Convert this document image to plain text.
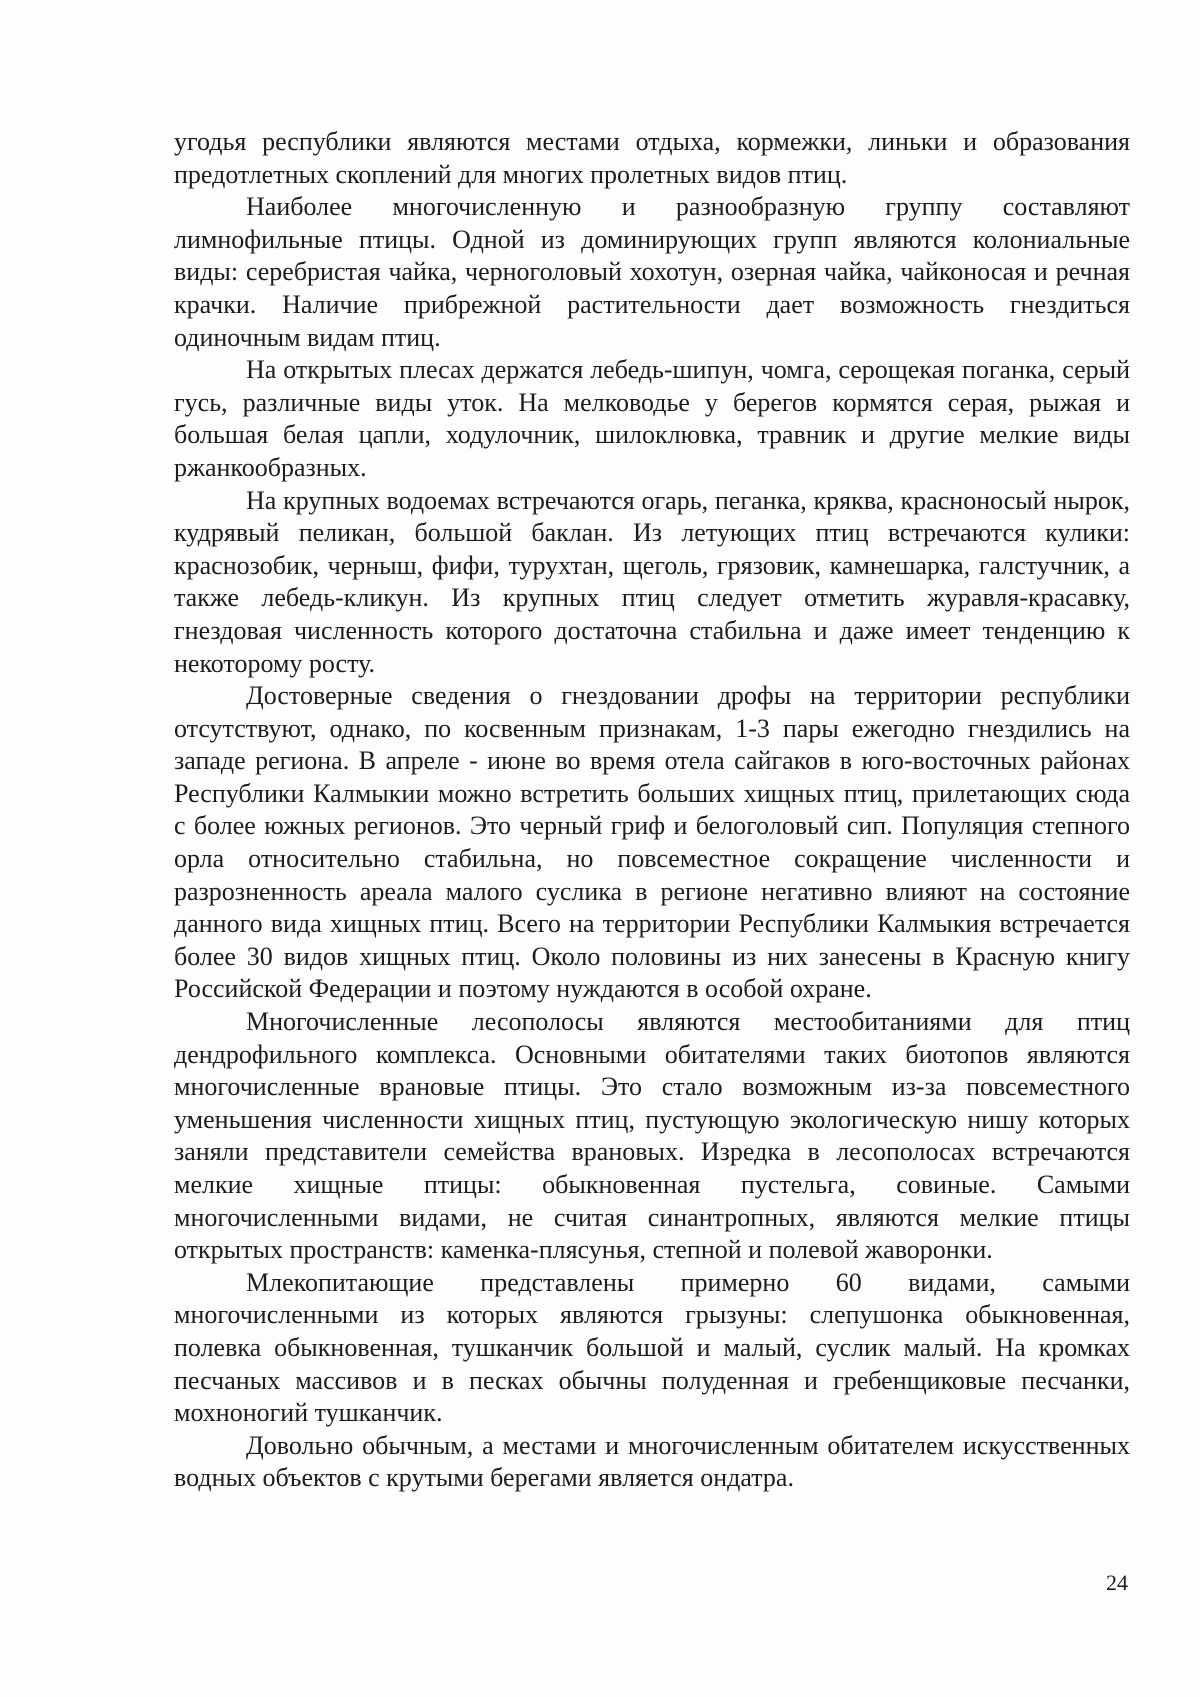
угодья республики являются местами отдыха, кормежки, линьки и образования предотлетных скоплений для многих пролетных видов птиц.

Наиболее многочисленную и разнообразную группу составляют лимнофильные птицы. Одной из доминирующих групп являются колониальные виды: серебристая чайка, черноголовый хохотун, озерная чайка, чайконосая и речная крачки. Наличие прибрежной растительности дает возможность гнездиться одиночным видам птиц.

На открытых плесах держатся лебедь-шипун, чомга, серощекая поганка, серый гусь, различные виды уток. На мелководье у берегов кормятся серая, рыжая и большая белая цапли, ходулочник, шилоклювка, травник и другие мелкие виды ржанкообразных.

На крупных водоемах встречаются огарь, пеганка, кряква, красноносый нырок, кудрявый пеликан, большой баклан. Из летующих птиц встречаются кулики: краснозобик, черныш, фифи, турухтан, щеголь, грязовик, камнешарка, галстучник, а также лебедь-кликун. Из крупных птиц следует отметить журавля-красавку, гнездовая численность которого достаточна стабильна и даже имеет тенденцию к некоторому росту.

Достоверные сведения о гнездовании дрофы на территории республики отсутствуют, однако, по косвенным признакам, 1-3 пары ежегодно гнездились на западе региона. В апреле - июне во время отела сайгаков в юго-восточных районах Республики Калмыкии можно встретить больших хищных птиц, прилетающих сюда с более южных регионов. Это черный гриф и белоголовый сип. Популяция степного орла относительно стабильна, но повсеместное сокращение численности и разрозненность ареала малого суслика в регионе негативно влияют на состояние данного вида хищных птиц. Всего на территории Республики Калмыкия встречается более 30 видов хищных птиц. Около половины из них занесены в Красную книгу Российской Федерации и поэтому нуждаются в особой охране.

Многочисленные лесополосы являются местообитаниями для птиц дендрофильного комплекса. Основными обитателями таких биотопов являются многочисленные врановые птицы. Это стало возможным из-за повсеместного уменьшения численности хищных птиц, пустующую экологическую нишу которых заняли представители семейства врановых. Изредка в лесополосах встречаются мелкие хищные птицы: обыкновенная пустельга, совиные. Самыми многочисленными видами, не считая синантропных, являются мелкие птицы открытых пространств: каменка-плясунья, степной и полевой жаворонки.

Млекопитающие представлены примерно 60 видами, самыми многочисленными из которых являются грызуны: слепушонка обыкновенная, полевка обыкновенная, тушканчик большой и малый, суслик малый. На кромках песчаных массивов и в песках обычны полуденная и гребенщиковые песчанки, мохноногий тушканчик.

Довольно обычным, а местами и многочисленным обитателем искусственных водных объектов с крутыми берегами является ондатра.

24
